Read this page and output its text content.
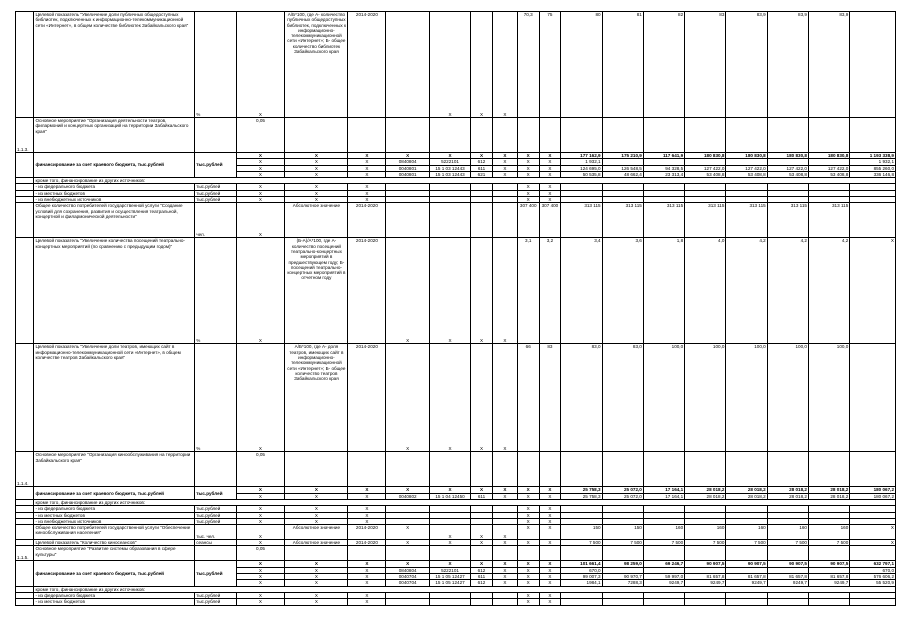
	Целевой показатель "Увеличение доли публичных общедоступных библиотек, подключенных к информационно-телекоммуникационной сети «Интернет», в общем количестве библиотек Забайкальского края"	%	Х	А/Б*100, где А- количество публичных общедоступных библиотек, подключенных к информационно-телекоммуникационной сети «Интернет»; Б- общее количество библиотек Забайкальского края	2014-2020		Х	Х	Х	70,3	75	80	81	82	83	83,9	83,9	83,9	
1.1.3.	Основное мероприятие "Организация деятельности театров, филармоний и концертных организаций на территории Забайкальского края"		0,05																
	финансирование за счет краевого бюджета, тыс.рублей	тыс.рублей	Х	Х	Х	Х	Х	Х	Х	Х	Х	177 162,9	175 210,9	117 641,9	180 830,8	180 830,8	180 830,8	180 830,8	1 193 338,9
			Х	Х	Х	0840804	5222101	612	Х	Х	Х	1 932,1							1 932,1
			Х	Х	Х	0040801	15 1 03 12443	611	Х	Х	Х	124 695,0	126 548,5	94 328,5	127 422,0	127 422,0	127 422,0	127 422,0	855 260,0
			Х	Х	Х	0040801	15 1 03 12443	621	Х	Х	Х	50 535,8	48 662,4	23 313,4	53 408,8	53 408,8	53 408,8	53 408,8	336 146,8
	кроме того, финансирование из других источников:																		
	- из федерального бюджета	тыс.рублей	Х	Х	Х					Х	Х								
	- из местных бюджетов	тыс.рублей	Х	Х	Х					Х	Х								
	- из внебюджетных источников	тыс.рублей	Х	Х	Х					Х	Х								
	Общее количество потребителей государственной услуги "Создание условий для сохранения, развития и осуществления театральной, концертной и филармонической деятельности"	чел.	Х	Абсолютное значение	2014-2020					307 400	307 400	313 115	313 115	313 115	313 115	313 115	313 115	313 115	
	Целевой показатель "Увеличение количества посещений театрально-концертных мероприятий (по сравнению с предыдущим годом)"	%	Х	(Б-А)/А*100, где А- количество посещений театрально-концертных мероприятий в предшествующем году; Б- посещений театрально-концертных мероприятий в отчетном году	2014-2020	Х	Х	Х	Х	3,1	3,2	3,4	3,6	1,8	4,0	4,2	4,2	4,2	Х
	Целевой показатель "Увеличение доли театров, имеющих сайт в информационно-телекоммуникационной сети «Интернет», в общем количестве театров Забайкальского края"	%	Х	А/Б*100, где А- доля театров, имеющих сайт в информационно-телекоммуникационной сети «Интернет»; Б- общее количество театров Забайкальского края	2014-2020	Х	Х	Х	Х	66	83	83,0	83,0	100,0	100,0	100,0	100,0	100,0	
1.1.4.	Основное мероприятие "Организация кинообслуживания на территории Забайкальского края"		0,05																
	финансирование за счет краевого бюджета, тыс.рублей	тыс.рублей	Х	Х	Х	Х	Х	Х	Х	Х	Х	25 758,3	25 072,0	17 164,1	28 018,2	28 018,2	28 018,2	28 018,2	180 067,2
			Х	Х	Х	0040802	15 1 04 12450	611	Х	Х	Х	25 758,3	25 072,0	17 164,1	28 018,2	28 018,2	28 018,2	28 018,2	180 067,2
	кроме того, финансирование из других источников:																		
	- из федерального бюджета	тыс.рублей	Х	Х	Х					Х	Х								
	- из местных бюджетов	тыс.рублей	Х	Х	Х					Х	Х								
	- из внебюджетных источников	тыс.рублей	Х	Х	Х					Х	Х								
	Общее количество потребителей государственной услуги "Обеспечение кинообслуживания населения"	тыс. чел.	Х	Абсолютное значение	2014-2020	Х	Х	Х	Х	Х	Х	150	150	160	160	160	160	160	Х
	Целевой показатель "Количество киносеансов"	сеансы	Х	Абсолютное значение	2014-2020	Х	Х	Х	Х	Х	Х	7 500	7 500	7 500	7 500	7 500	7 500	7 500	Х
1.1.5.	Основное мероприятие "Развитие системы образования в сфере культуры"		0,05																
	финансирование за счет краевого бюджета, тыс.рублей	тыс.рублей	Х	Х	Х	Х	Х	Х	Х	Х	Х	101 661,4	98 259,0	69 246,7	90 907,5	90 907,5	90 907,5	90 907,5	632 797,1
			Х	Х	Х	0840804	5222101	612	Х	Х	Х	670,0							670,0
			Х	Х	Х	0040704	15 1 05 12427	611	Х	Х	Х	99 007,3	90 970,7	59 997,0	81 657,8	81 657,8	81 657,8	81 657,8	576 606,2
			Х	Х	Х	0040704	15 1 05 12427	612	Х	Х	Х	1984,1	7288,3	9249,7	9249,7	9249,7	9249,7	9249,7	55 520,9
	кроме того, финансирование из других источников:																		
	- из федерального бюджета	тыс.рублей	Х	Х	Х					Х	Х								
	- из местных бюджетов	тыс.рублей	Х	Х	Х					Х	Х								
